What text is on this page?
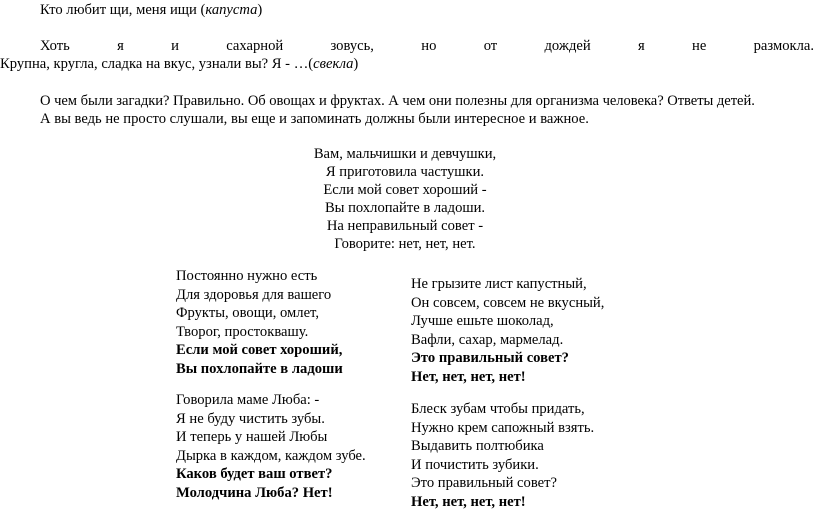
Кто любит щи, меня ищи (капуста)
Хоть я и сахарной зовусь, но от дождей я не размокла.
Крупна, кругла, сладка на вкус, узнали вы? Я - …(свекла)
О чем были загадки? Правильно. Об овощах и фруктах. А чем они полезны для организма человека? Ответы детей.
А вы ведь не просто слушали, вы еще и запоминать должны были интересное и важное.
Вам, мальчишки и девчушки,
Я приготовила частушки.
Если мой совет хороший -
Вы похлопайте в ладоши.
На неправильный совет -
Говорите: нет, нет, нет.
Постоянно нужно есть
Для здоровья для вашего
Фрукты, овощи, омлет,
Творог, простоквашу.
Если мой совет хороший,
Вы похлопайте в ладоши
Говорила маме Люба: -
Я не буду чистить зубы.
И теперь у нашей Любы
Дырка в каждом, каждом зубе.
Каков будет ваш ответ?
Молодчина Люба? Нет!
Не грызите лист капустный,
Он совсем, совсем не вкусный,
Лучше ешьте шоколад,
Вафли, сахар, мармелад.
Это правильный совет?
Нет, нет, нет, нет!
Блеск зубам чтобы придать,
Нужно крем сапожный взять.
Выдавить полтюбика
И почистить зубики.
Это правильный совет?
Нет, нет, нет, нет!
